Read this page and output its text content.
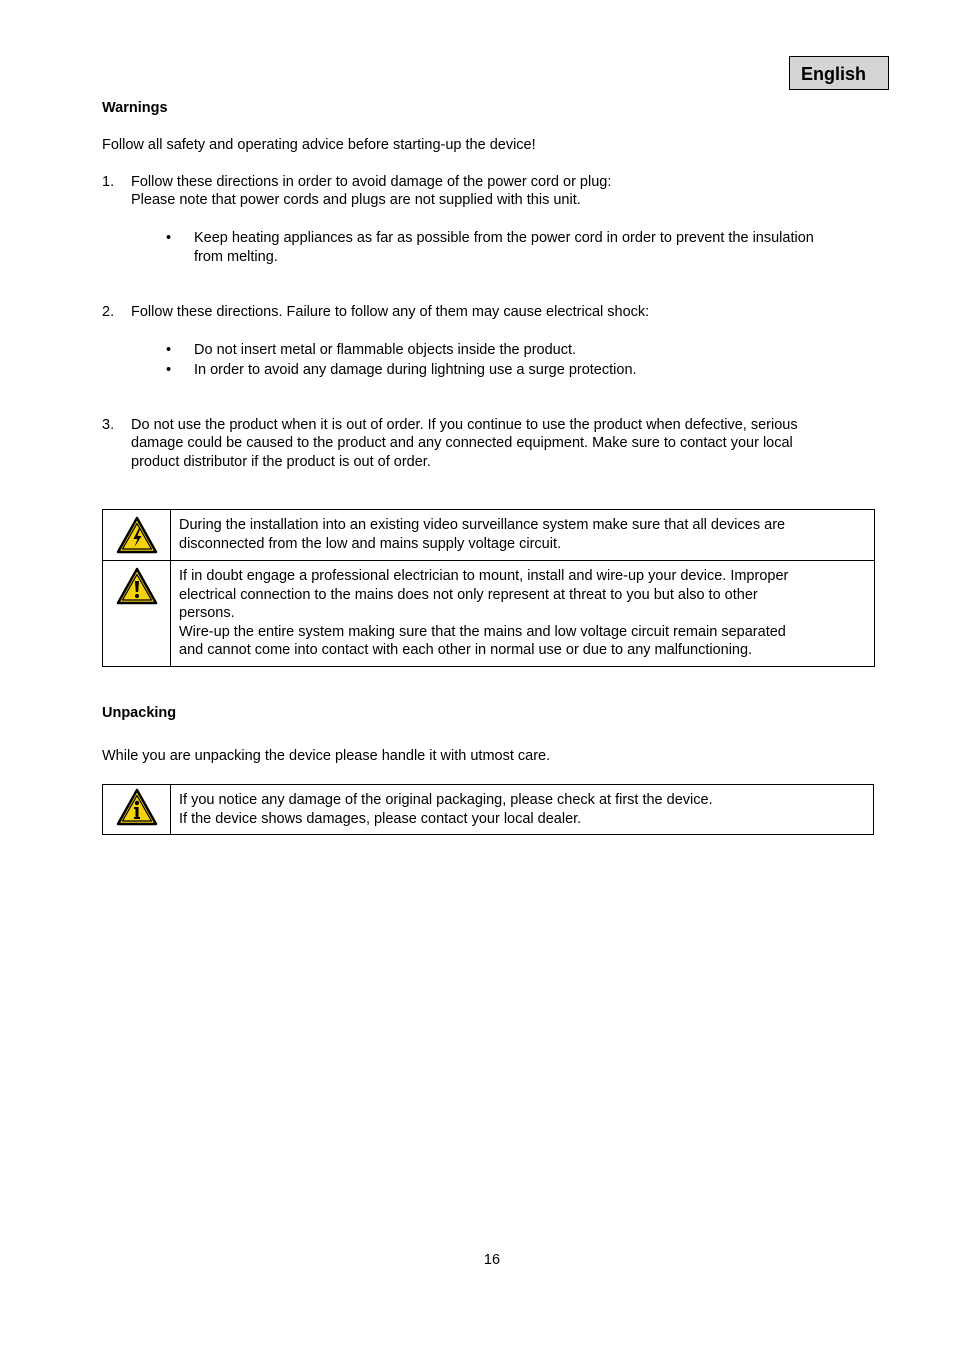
English
Warnings
Follow all safety and operating advice before starting-up the device!
1. Follow these directions in order to avoid damage of the power cord or plug:
Please note that power cords and plugs are not supplied with this unit.
• Keep heating appliances as far as possible from the power cord in order to prevent the insulation
from melting.
2. Follow these directions. Failure to follow any of them may cause electrical shock:
• Do not insert metal or flammable objects inside the product.
• In order to avoid any damage during lightning use a surge protection.
3. Do not use the product when it is out of order. If you continue to use the product when defective, serious
damage could be caused to the product and any connected equipment. Make sure to contact your local
product distributor if the product is out of order.

During the installation into an existing video surveillance system make sure that all devices are
disconnected from the low and mains supply voltage circuit.

If in doubt engage a professional electrician to mount, install and wire-up your device. Improper
electrical connection to the mains does not only represent at threat to you but also to other
persons.
Wire-up the entire system making sure that the mains and low voltage circuit remain separated
and cannot come into contact with each other in normal use or due to any malfunctioning.
Unpacking
While you are unpacking the device please handle it with utmost care.

If you notice any damage of the original packaging, please check at first the device.
If the device shows damages, please contact your local dealer.
16
